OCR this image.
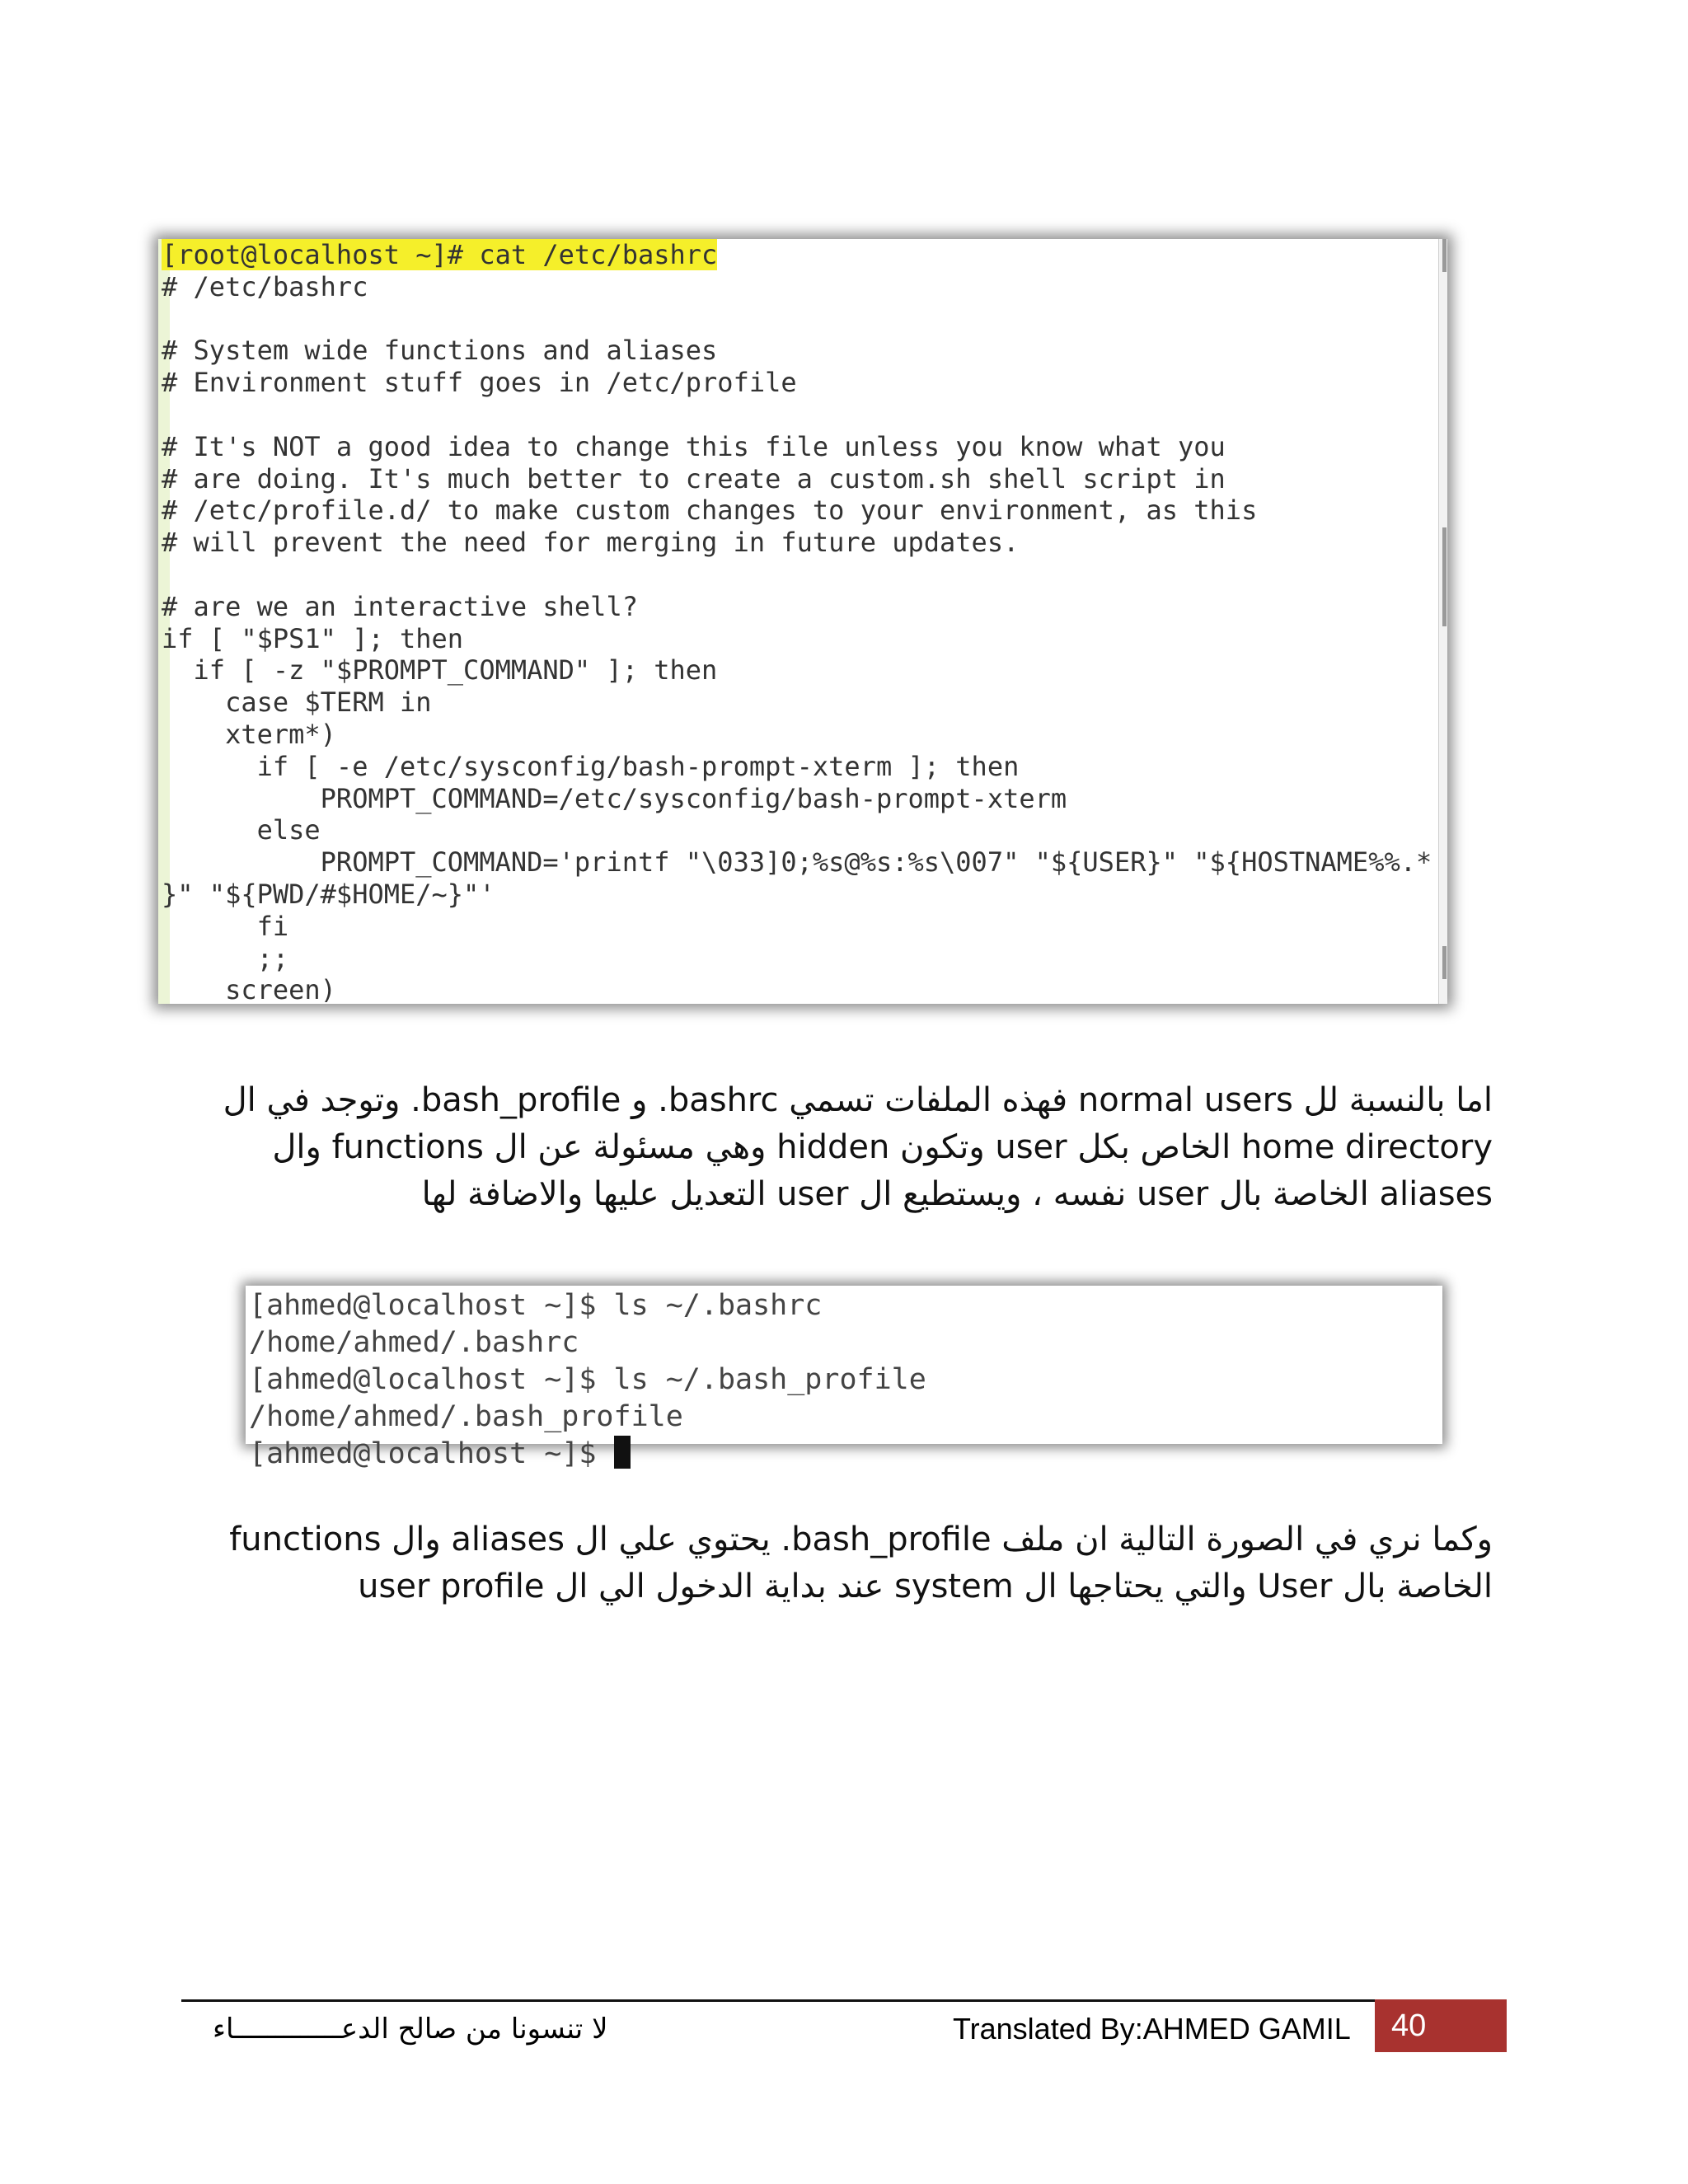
[root@localhost ~]# cat /etc/bashrc
# /etc/bashrc
# System wide functions and aliases
# Environment stuff goes in /etc/profile
# It's NOT a good idea to change this file unless you know what you
# are doing. It's much better to create a custom.sh shell script in
# /etc/profile.d/ to make custom changes to your environment, as this
# will prevent the need for merging in future updates.
# are we an interactive shell?
if [ "$PS1" ]; then
if [ -z "$PROMPT_COMMAND" ]; then
case $TERM in
xterm*)
if [ -e /etc/sysconfig/bash-prompt-xterm ]; then
PROMPT_COMMAND=/etc/sysconfig/bash-prompt-xterm
else
PROMPT_COMMAND='printf "\033]0;%s@%s:%s\007" "${USER}" "${HOSTNAME%%.*
}" "${PWD/#$HOME/~}"'
fi
;;
screen)
اما بالنسبة لل normal users فهذه الملفات تسمي bashrc. و bash_profile. وتوجد في ال
home directory الخاص بكل user وتكون hidden وهي مسئولة عن ال functions وال
aliases الخاصة بال user نفسه ، ويستطيع ال user التعديل عليها والاضافة لها
[ahmed@localhost ~]$ ls ~/.bashrc
/home/ahmed/.bashrc
[ahmed@localhost ~]$ ls ~/.bash_profile
/home/ahmed/.bash_profile
[ahmed@localhost ~]$
وكما نري في الصورة التالية ان ملف bash_profile. يحتوي علي ال aliases وال functions
الخاصة بال User والتي يحتاجها ال system عند بداية الدخول الي ال user profile
لا تنسونا من صالح الدعـــــــــــــاء	Translated By:AHMED GAMIL	40
